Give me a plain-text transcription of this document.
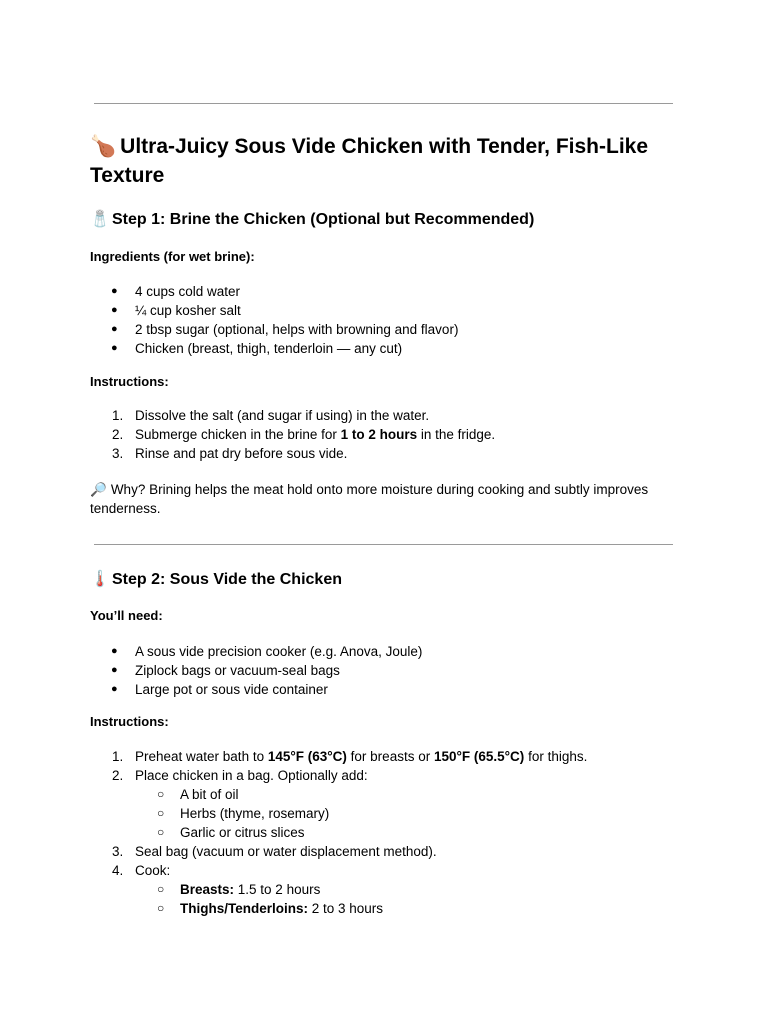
🍗 Ultra-Juicy Sous Vide Chicken with Tender, Fish-Like Texture
🧂 Step 1: Brine the Chicken (Optional but Recommended)

Ingredients (for wet brine):

● 4 cups cold water
● ¼ cup kosher salt
● 2 tbsp sugar (optional, helps with browning and flavor)
● Chicken (breast, thigh, tenderloin — any cut)

Instructions:

1. Dissolve the salt (and sugar if using) in the water.
2. Submerge chicken in the brine for 1 to 2 hours in the fridge.
3. Rinse and pat dry before sous vide.

🔎 Why? Brining helps the meat hold onto more moisture during cooking and subtly improves tenderness.

🌡️ Step 2: Sous Vide the Chicken

You’ll need:

● A sous vide precision cooker (e.g. Anova, Joule)
● Ziplock bags or vacuum-seal bags
● Large pot or sous vide container

Instructions:

1. Preheat water bath to 145°F (63°C) for breasts or 150°F (65.5°C) for thighs.
2. Place chicken in a bag. Optionally add:
○ A bit of oil
○ Herbs (thyme, rosemary)
○ Garlic or citrus slices
3. Seal bag (vacuum or water displacement method).
4. Cook:
○ Breasts: 1.5 to 2 hours
○ Thighs/Tenderloins: 2 to 3 hours
